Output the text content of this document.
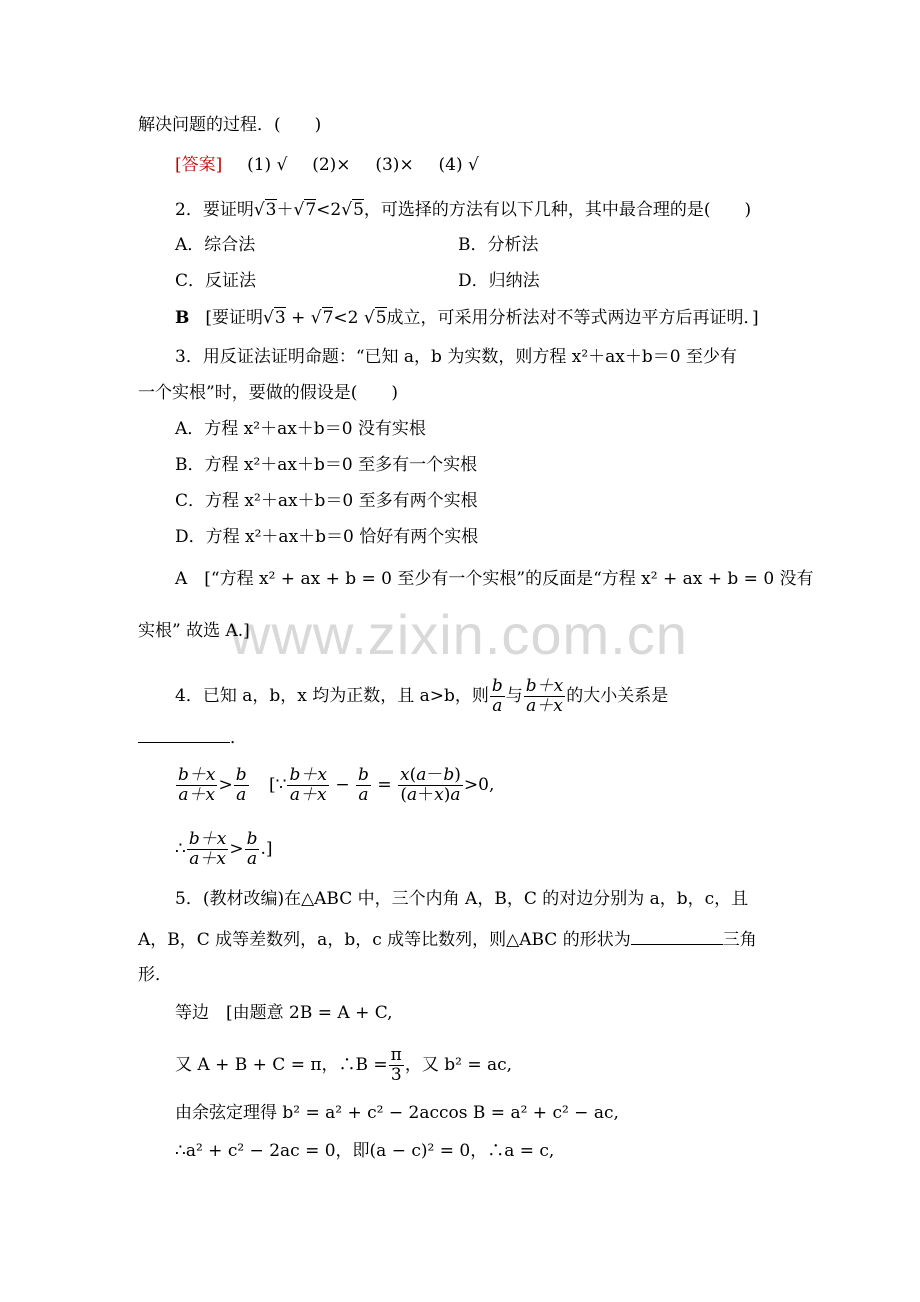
www.zixin.com.cn
解决问题的过程．(　　)
[答案] (1) √ (2)× (3)× (4) √
2．要证明√3＋√7<2√5，可选择的方法有以下几种，其中最合理的是(　　)
A．综合法	B．分析法
C．反证法	D．归纳法
B [要证明√3 + √7<2 √5成立，可采用分析法对不等式两边平方后再证明．]
3．用反证法证明命题：“已知 a，b 为实数，则方程 x²＋ax＋b＝0 至少有
一个实根”时，要做的假设是(　　)
A．方程 x²＋ax＋b＝0 没有实根
B．方程 x²＋ax＋b＝0 至多有一个实根
C．方程 x²＋ax＋b＝0 至多有两个实根
D．方程 x²＋ax＋b＝0 恰好有两个实根
A　[“方程 x² + ax + b = 0 至少有一个实根”的反面是“方程 x² + ax + b = 0 没有
实根” 故选 A.]
4．已知 a，b，x 均为正数，且 a>b，则 $\frac{b}{a}$ 与 $\frac{b+x}{a+x}$ 的大小关系是
．
$\frac{b+x}{a+x} > \frac{b}{a}$ [∵ $\frac{b+x}{a+x} - \frac{b}{a} = \frac{x(a-b)}{(a+x)a} >0$,
∴ $\frac{b+x}{a+x} > \frac{b}{a}$ .]
5．(教材改编)在△ABC 中，三个内角 A，B，C 的对边分别为 a，b，c，且
A，B，C 成等差数列，a，b，c 成等比数列，则△ABC 的形状为	三角
形．
等边　[由题意 2B = A + C,
又 A + B + C = π，∴B = $\frac{\pi}{3}$ ，又 b² = ac,
由余弦定理得 b² = a² + c² − 2accos B = a² + c² − ac,
∴a² + c² − 2ac = 0，即(a − c)² = 0，∴a = c,
